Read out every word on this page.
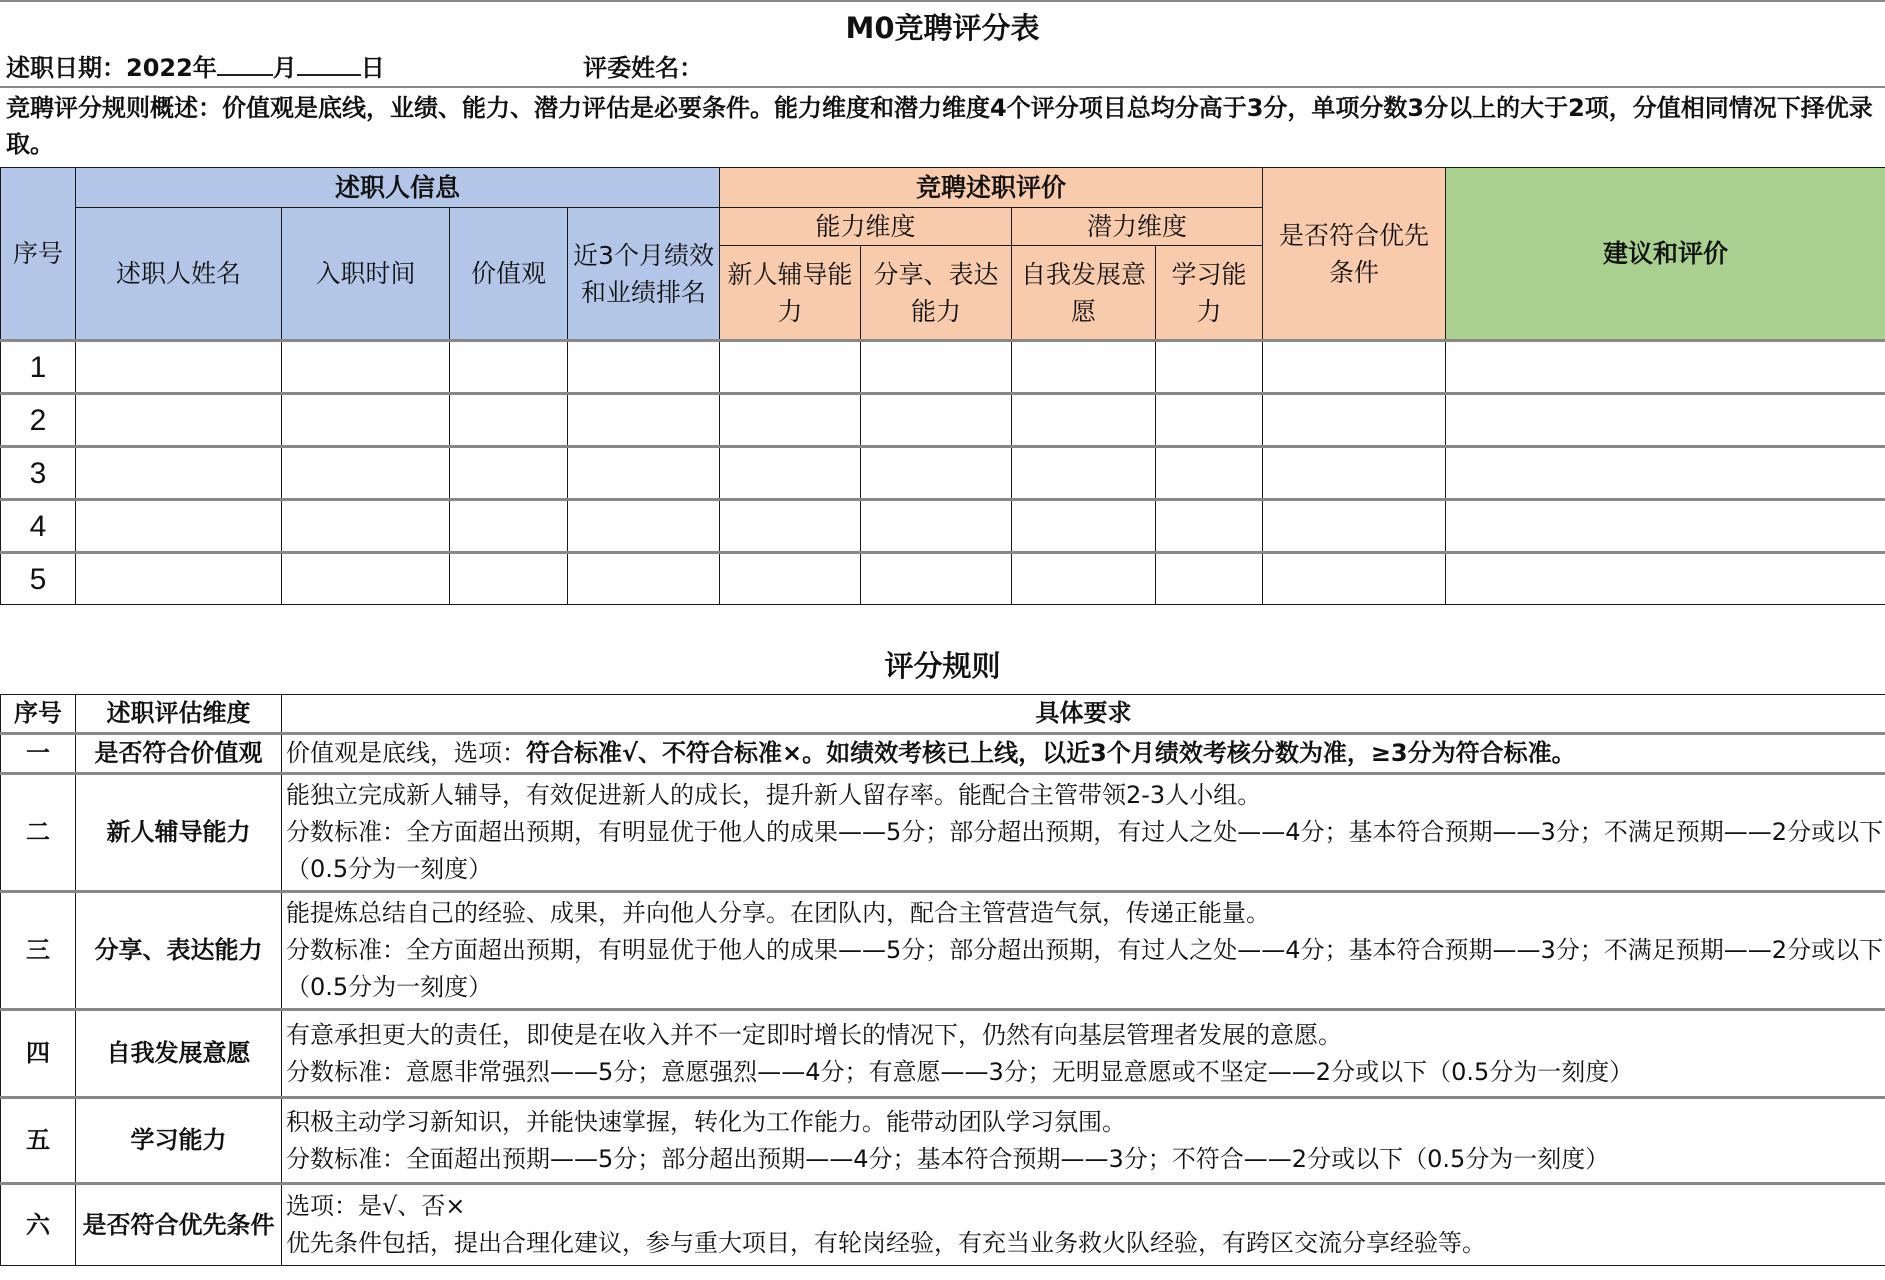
M0竞聘评分表
述职日期：2022年 月	日	评委姓名：
竞聘评分规则概述：价值观是底线，业绩、能力、潜力评估是必要条件。能力维度和潜力维度4个评分项目总均分高于3分，单项分数3分以上的大于2项，分值相同情况下择优录取。
序号	述职人信息				竞聘述职评价				是否符合优先条件	建议和评价
	述职人姓名	入职时间	价值观	近3个月绩效和业绩排名	能力维度		潜力维度			
					新人辅导能力	分享、表达能力	自我发展意愿	学习能力		
1										
2										
3										
4										
5										
评分规则
序号	述职评估维度	具体要求
一	是否符合价值观	价值观是底线，选项：符合标准√、不符合标准×。如绩效考核已上线，以近3个月绩效考核分数为准，≥3分为符合标准。
二	新人辅导能力	能独立完成新人辅导，有效促进新人的成长，提升新人留存率。能配合主管带领2-3人小组。
分数标准：全方面超出预期，有明显优于他人的成果——5分；部分超出预期，有过人之处——4分；基本符合预期——3分；不满足预期——2分或以下（0.5分为一刻度）

三	分享、表达能力	能提炼总结自己的经验、成果，并向他人分享。在团队内，配合主管营造气氛，传递正能量。
分数标准：全方面超出预期，有明显优于他人的成果——5分；部分超出预期，有过人之处——4分；基本符合预期——3分；不满足预期——2分或以下（0.5分为一刻度）

四	自我发展意愿	有意承担更大的责任，即使是在收入并不一定即时增长的情况下，仍然有向基层管理者发展的意愿。
分数标准：意愿非常强烈——5分；意愿强烈——4分；有意愿——3分；无明显意愿或不坚定——2分或以下（0.5分为一刻度）

五	学习能力	积极主动学习新知识，并能快速掌握，转化为工作能力。能带动团队学习氛围。
分数标准：全面超出预期——5分；部分超出预期——4分；基本符合预期——3分；不符合——2分或以下（0.5分为一刻度）

六	是否符合优先条件	选项：是√、否×
优先条件包括，提出合理化建议，参与重大项目，有轮岗经验，有充当业务救火队经验，有跨区交流分享经验等。
